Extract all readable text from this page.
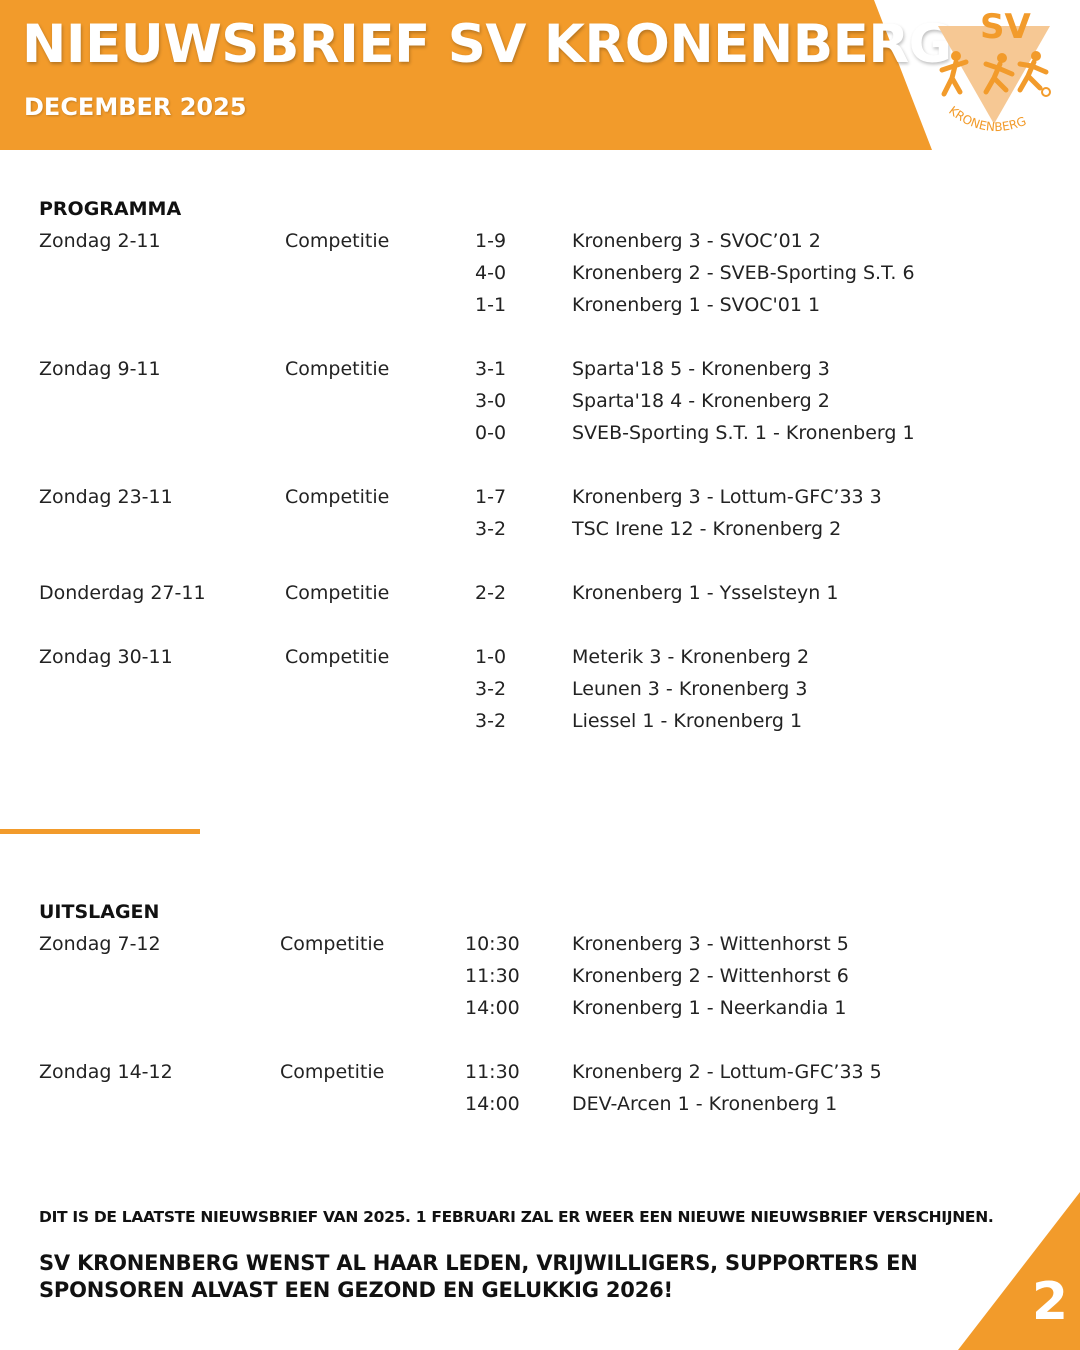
NIEUWSBRIEF SV KRONENBERG
DECEMBER 2025
SV
KRONENBERG
PROGRAMMA
Zondag 2-11	Competitie	1-9	Kronenberg 3 - SVOC’01 2
4-0	Kronenberg 2 - SVEB-Sporting S.T. 6
1-1	Kronenberg 1 - SVOC'01 1
Zondag 9-11	Competitie	3-1	Sparta'18 5 - Kronenberg 3
3-0	Sparta'18 4 - Kronenberg 2
0-0	SVEB-Sporting S.T. 1 - Kronenberg 1
Zondag 23-11	Competitie	1-7	Kronenberg 3 - Lottum-GFC’33 3
3-2	TSC Irene 12 - Kronenberg 2
Donderdag 27-11	Competitie	2-2	Kronenberg 1 - Ysselsteyn 1
Zondag 30-11	Competitie	1-0	Meterik 3 - Kronenberg 2
3-2	Leunen 3 - Kronenberg 3
3-2	Liessel 1 - Kronenberg 1
UITSLAGEN
Zondag 7-12	Competitie	10:30	Kronenberg 3 - Wittenhorst 5
11:30	Kronenberg 2 - Wittenhorst 6
14:00	Kronenberg 1 - Neerkandia 1
Zondag 14-12	Competitie	11:30	Kronenberg 2 - Lottum-GFC’33 5
14:00	DEV-Arcen 1 - Kronenberg 1
DIT IS DE LAATSTE NIEUWSBRIEF VAN 2025. 1 FEBRUARI ZAL ER WEER EEN NIEUWE NIEUWSBRIEF VERSCHIJNEN.
SV KRONENBERG WENST AL HAAR LEDEN, VRIJWILLIGERS, SUPPORTERS EN SPONSOREN ALVAST EEN GEZOND EN GELUKKIG 2026!	2
